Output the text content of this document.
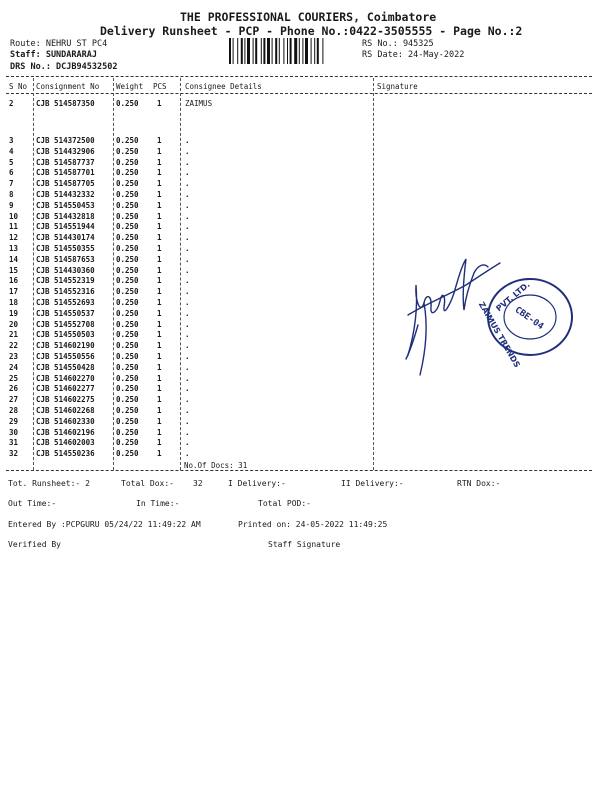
THE PROFESSIONAL COURIERS, Coimbatore
Delivery Runsheet - PCP - Phone No.:0422-3505555 - Page No.:2
Route: NEHRU ST PC4
Staff: SUNDARARAJ
DRS No.: DCJB94532502
RS No.: 945325
RS Date: 24-May-2022
S No Consignment No Weight PCS Consignee Details	Signature
2	CJB 514587350	0.250 1	ZAIMUS
3	CJB 514372500	0.250 1	.
4	CJB 514432906	0.250 1	.
5	CJB 514587737	0.250 1	.
6	CJB 514587701	0.250 1	.
7	CJB 514587705	0.250 1	.
8	CJB 514432332	0.250 1	.
9	CJB 514550453	0.250 1	.
10 CJB 514432818	0.250 1	.
11 CJB 514551944	0.250 1	.
12 CJB 514430174	0.250 1	.
13 CJB 514550355	0.250 1	.
14 CJB 514587653	0.250 1	.
15 CJB 514430360	0.250 1	.
16 CJB 514552319	0.250 1	.
17 CJB 514552316	0.250 1	.
18 CJB 514552693	0.250 1	.
19 CJB 514550537	0.250 1	.
20 CJB 514552708	0.250 1	.
21 CJB 514550503	0.250 1	.
22 CJB 514602190	0.250 1	.
23 CJB 514550556	0.250 1	.
24 CJB 514550428	0.250 1	.
25 CJB 514602270	0.250 1	.
26 CJB 514602277	0.250 1	.
27 CJB 514602275	0.250 1	.
28 CJB 514602268	0.250 1	.
29 CJB 514602330	0.250 1	.
30 CJB 514602196	0.250 1	.
31 CJB 514602003	0.250 1	.
32 CJB 514550236	0.250 1	.
No.Of Docs: 31
CBE-04
PVT. LTD.
ZAIMUS TRENDS
Tot. Runsheet:- 2	Total Dox:- 32	I Delivery:-	II Delivery:-	RTN Dox:-
Out Time:-	In Time:-	Total POD:-
Entered By :PCPGURU 05/24/22 11:49:22 AM	Printed on: 24-05-2022 11:49:25
Verified By	Staff Signature
